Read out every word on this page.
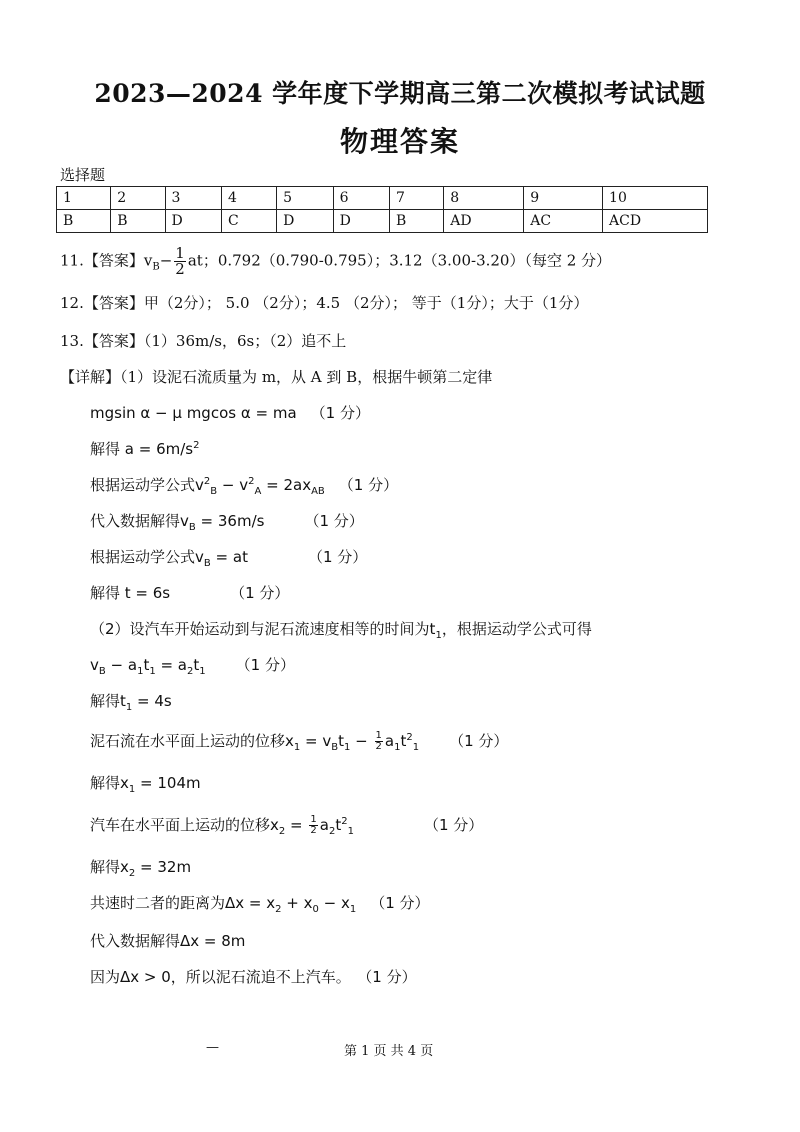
2023—2024 学年度下学期高三第二次模拟考试试题
物理答案
选择题
1	2	3	4	5	6	7	8	9	10
B	B	D	C	D	D	B	AD	AC	ACD
11.【答案】$v_B- \frac{1}{2}$ at；0.792（0.790-0.795）；3.12（3.00-3.20）（每空 2 分）
12.【答案】甲（2分）； 5.0 （2分）；4.5 （2分）； 等于（1分）；大于（1分）
13.【答案】（1）36m/s，6s；（2）追不上
【详解】（1）设泥石流质量为 m，从 A 到 B，根据牛顿第二定律
mgsin α − μ mgcos α = ma （1 分）
解得 $a = 6m/s^2$
根据运动学公式$v^2_B - v^2_A = 2ax_{AB}$ （1 分）
代入数据解得$v_B = 36m/s$	（1 分）
根据运动学公式$v_B$ = at	（1 分）
解得 t = 6s	（1 分）
（2）设汽车开始运动到与泥石流速度相等的时间为$t_1$，根据运动学公式可得
$v_B - a_1t_1 = a_2t_1$ （1 分）
解得$t_1 = 4s$
泥石流在水平面上运动的位移$x_1 = v_Bt_1 - \frac{1}{2} a_1t^2_1$ （1 分）
解得$x_1 = 104m$
汽车在水平面上运动的位移$x_2 = \frac{1}{2} a_2t^2_1$	（1 分）
解得$x_2 = 32m$
共速时二者的距离为$\Delta x = x_2 + x_0 - x_1$ （1 分）
代入数据解得Δx = 8m
因为Δx > 0，所以泥石流追不上汽车。 （1 分）
—	第 1 页 共 4 页
